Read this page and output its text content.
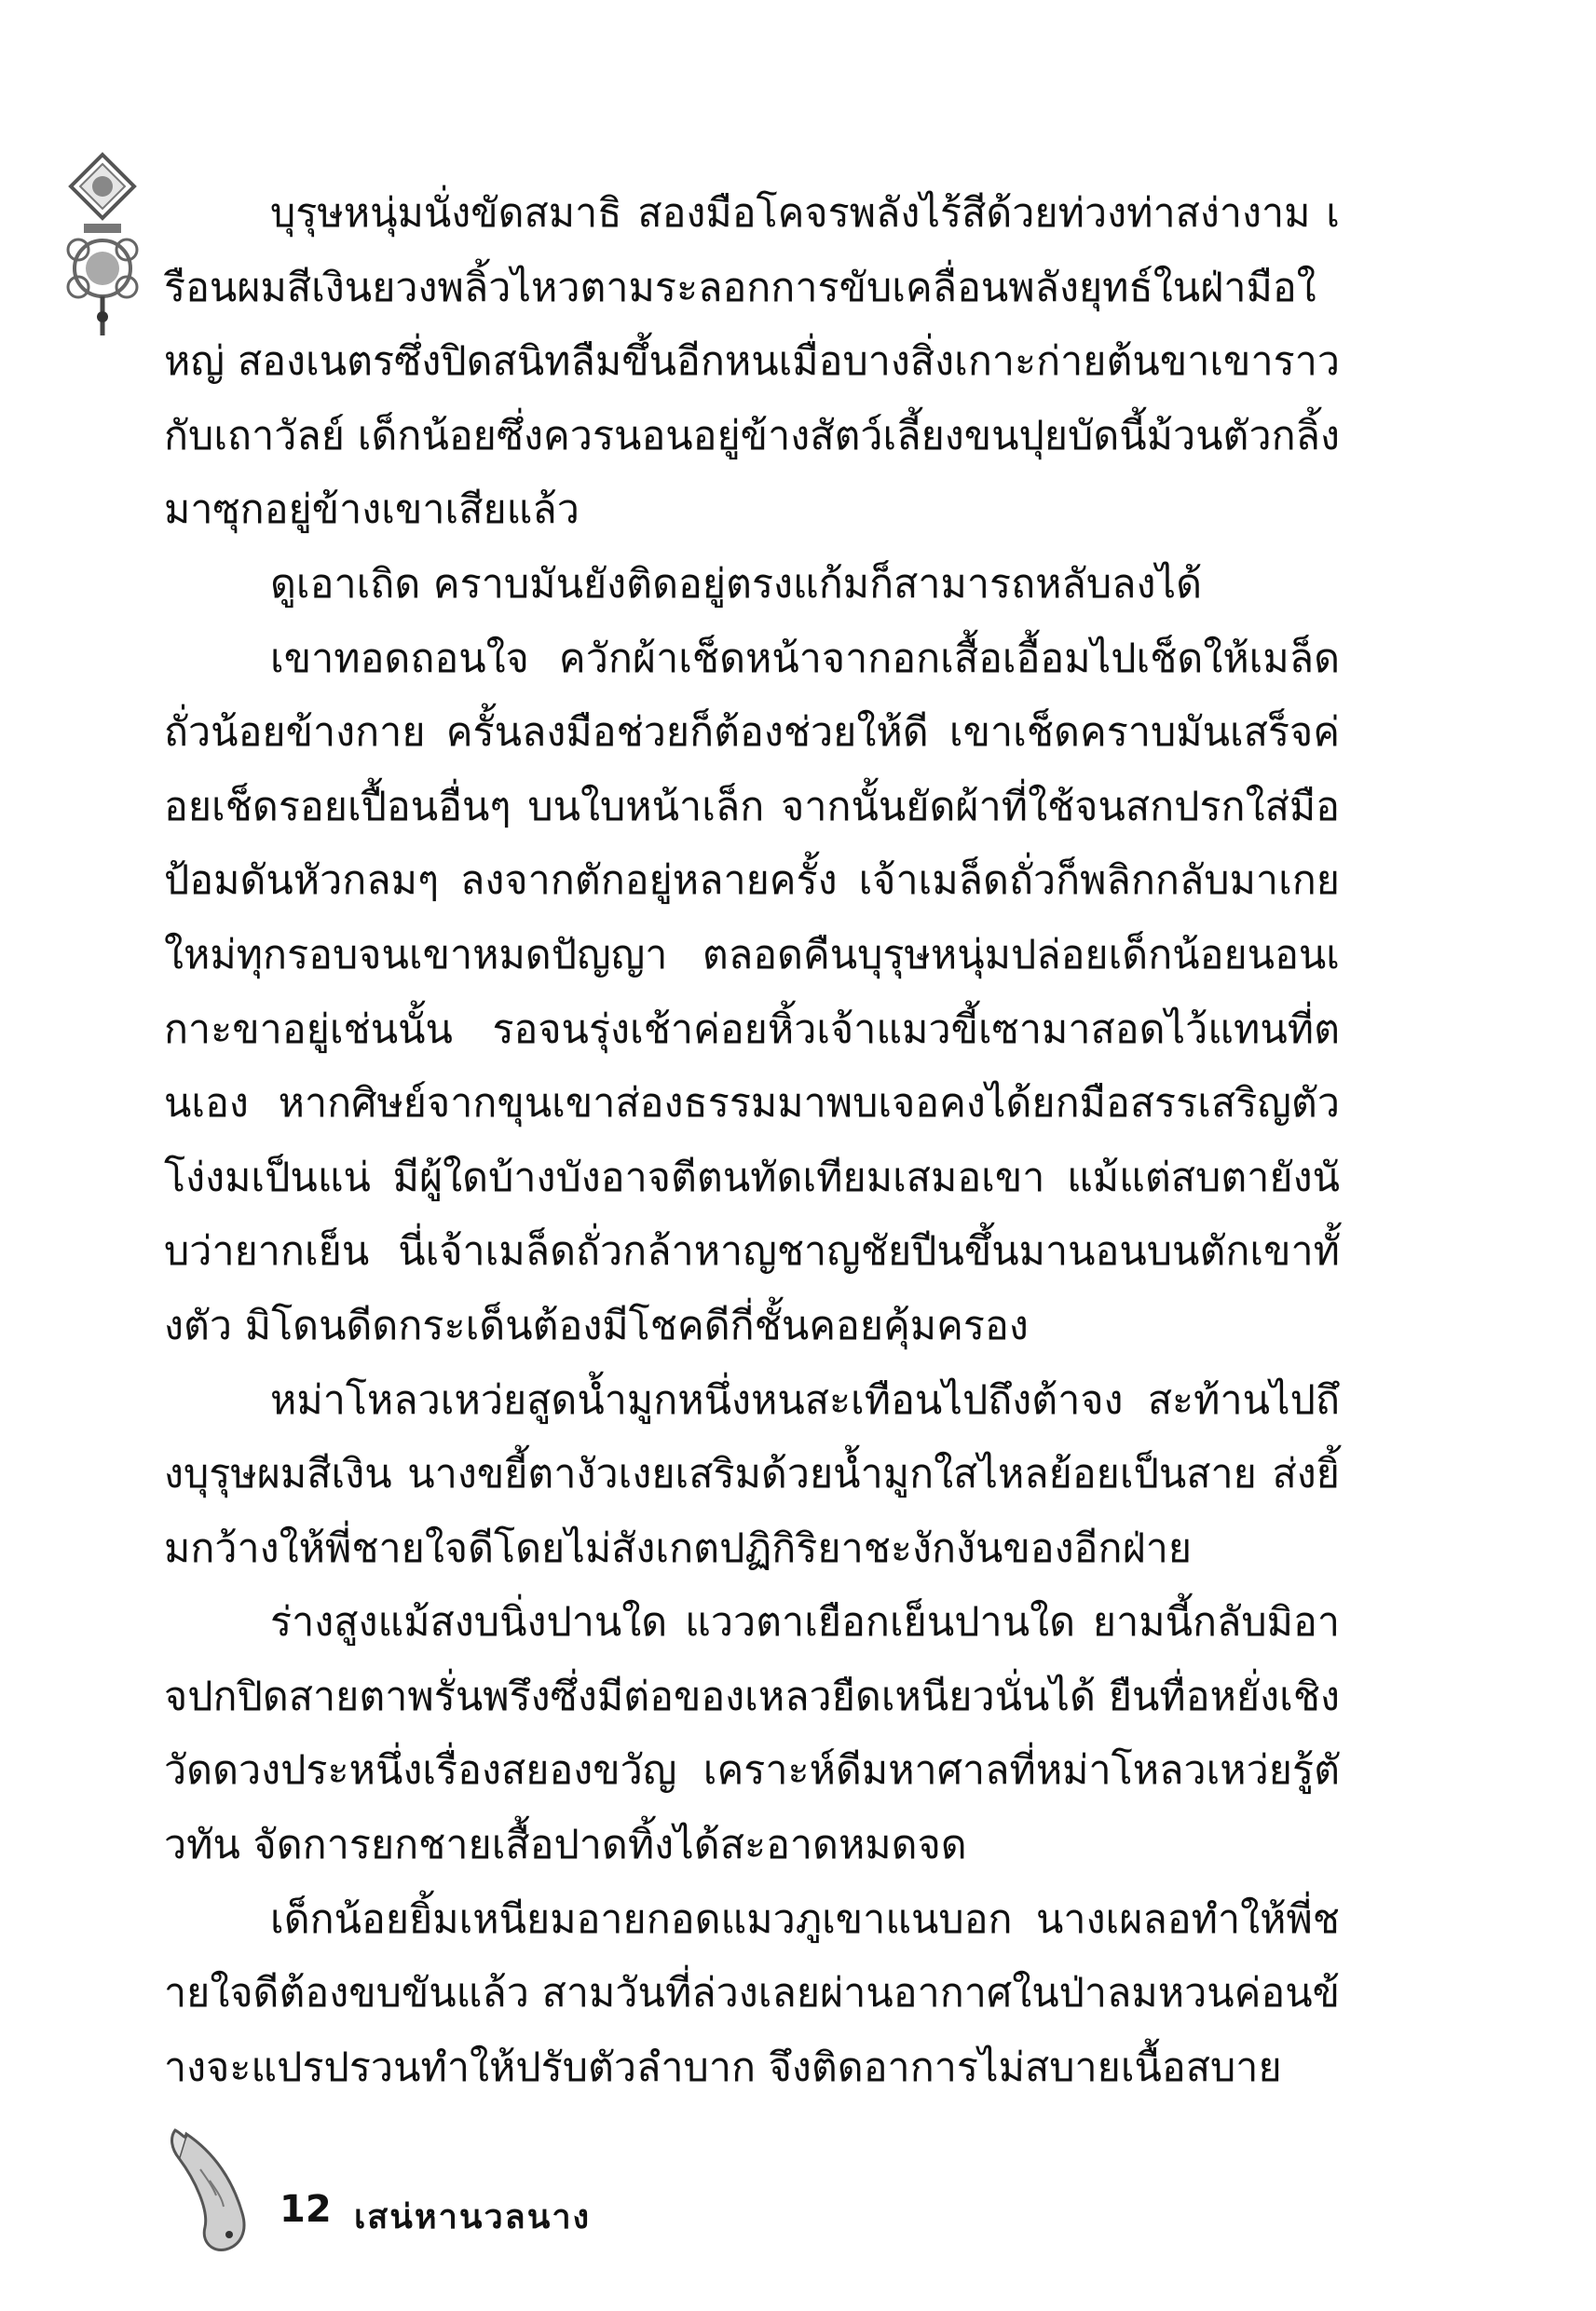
บุรุษหนุ่มนั่งขัดสมาธิ สองมือโคจรพลังไร้สีด้วยท่วงท่าสง่างาม เรือนผมสีเงินยวงพลิ้วไหวตามระลอกการขับเคลื่อนพลังยุทธ์ในฝ่ามือใหญ่ สองเนตรซึ่งปิดสนิทลืมขึ้นอีกหนเมื่อบางสิ่งเกาะก่ายต้นขาเขาราวกับเถาวัลย์ เด็กน้อยซึ่งควรนอนอยู่ข้างสัตว์เลี้ยงขนปุยบัดนี้ม้วนตัวกลิ้งมาซุกอยู่ข้างเขาเสียแล้ว

ดูเอาเถิด คราบมันยังติดอยู่ตรงแก้มก็สามารถหลับลงได้

เขาทอดถอนใจ ควักผ้าเช็ดหน้าจากอกเสื้อเอื้อมไปเช็ดให้เมล็ดถั่วน้อยข้างกาย ครั้นลงมือช่วยก็ต้องช่วยให้ดี เขาเช็ดคราบมันเสร็จค่อยเช็ดรอยเปื้อนอื่นๆ บนใบหน้าเล็ก จากนั้นยัดผ้าที่ใช้จนสกปรกใส่มือป้อมดันหัวกลมๆ ลงจากตักอยู่หลายครั้ง เจ้าเมล็ดถั่วก็พลิกกลับมาเกยใหม่ทุกรอบจนเขาหมดปัญญา ตลอดคืนบุรุษหนุ่มปล่อยเด็กน้อยนอนเกาะขาอยู่เช่นนั้น รอจนรุ่งเช้าค่อยหิ้วเจ้าแมวขี้เซามาสอดไว้แทนที่ตนเอง หากศิษย์จากขุนเขาส่องธรรมมาพบเจอคงได้ยกมือสรรเสริญตัวโง่งมเป็นแน่ มีผู้ใดบ้างบังอาจตีตนทัดเทียมเสมอเขา แม้แต่สบตายังนับว่ายากเย็น นี่เจ้าเมล็ดถั่วกล้าหาญชาญชัยปีนขึ้นมานอนบนตักเขาทั้งตัว มิโดนดีดกระเด็นต้องมีโชคดีกี่ชั้นคอยคุ้มครอง

หม่าโหลวเหว่ยสูดน้ำมูกหนึ่งหนสะเทือนไปถึงต้าจง สะท้านไปถึงบุรุษผมสีเงิน นางขยี้ตางัวเงยเสริมด้วยน้ำมูกใสไหลย้อยเป็นสาย ส่งยิ้มกว้างให้พี่ชายใจดีโดยไม่สังเกตปฏิกิริยาชะงักงันของอีกฝ่าย

ร่างสูงแม้สงบนิ่งปานใด แววตาเยือกเย็นปานใด ยามนี้กลับมิอาจปกปิดสายตาพรั่นพรึงซึ่งมีต่อของเหลวยืดเหนียวนั่นได้ ยืนทื่อหยั่งเชิงวัดดวงประหนึ่งเรื่องสยองขวัญ เคราะห์ดีมหาศาลที่หม่าโหลวเหว่ยรู้ตัวทัน จัดการยกชายเสื้อปาดทิ้งได้สะอาดหมดจด

เด็กน้อยยิ้มเหนียมอายกอดแมวภูเขาแนบอก นางเผลอทำให้พี่ชายใจดีต้องขบขันแล้ว สามวันที่ล่วงเลยผ่านอากาศในป่าลมหวนค่อนข้างจะแปรปรวนทำให้ปรับตัวลำบาก จึงติดอาการไม่สบายเนื้อสบาย

12 เสน่หานวลนาง
